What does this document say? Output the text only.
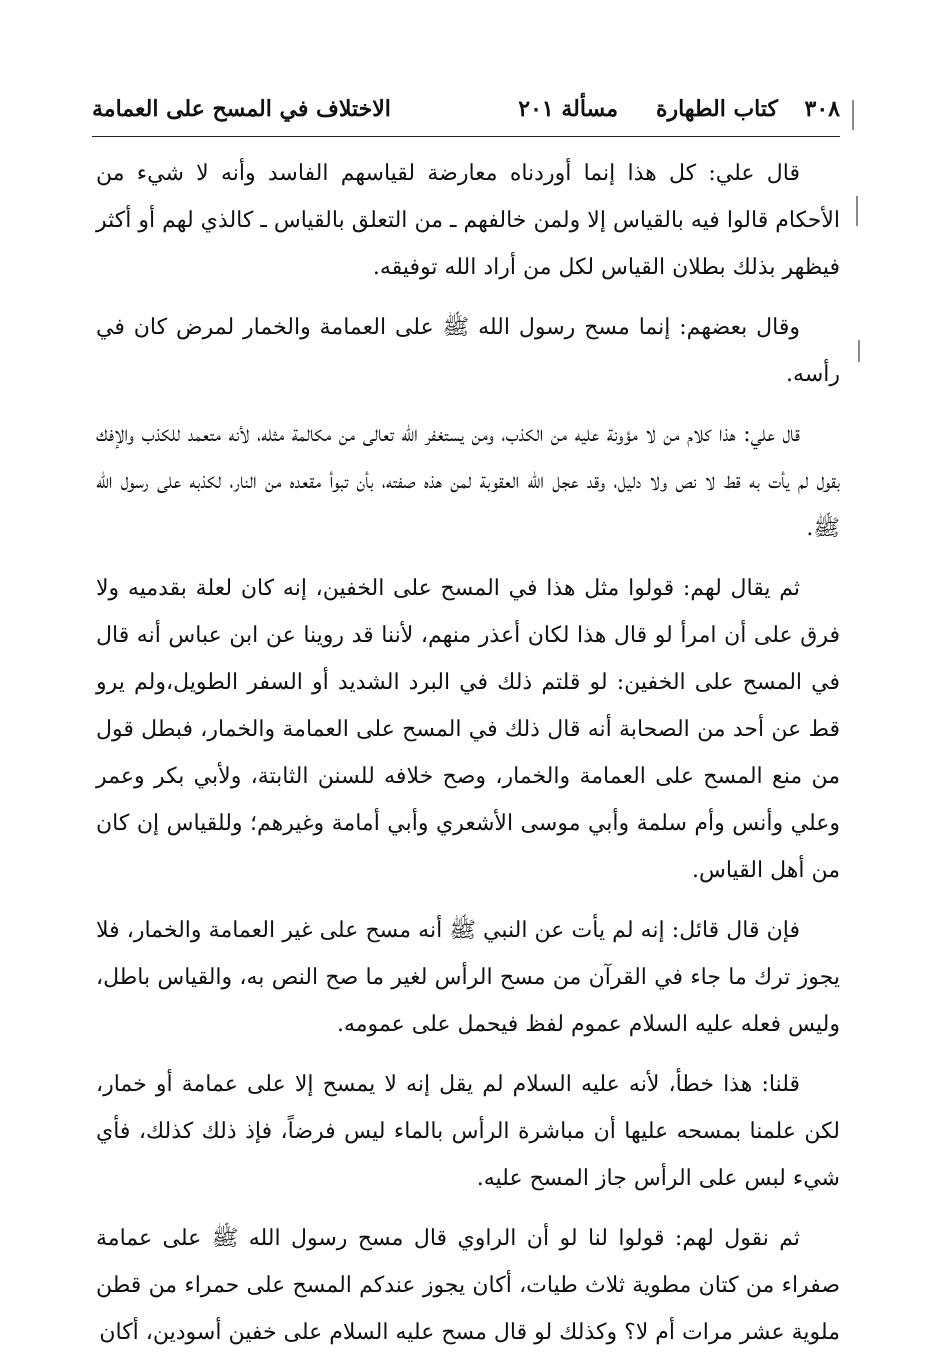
٣٠٨
كتاب الطهارة
مسألة ٢٠١
الاختلاف في المسح على العمامة

قال علي: كل هذا إنما أوردناه معارضة لقياسهم الفاسد وأنه لا شيء من الأحكام قالوا فيه بالقياس إلا ولمن خالفهم ـ من التعلق بالقياس ـ كالذي لهم أو أكثر فيظهر بذلك بطلان القياس لكل من أراد الله توفيقه.

وقال بعضهم: إنما مسح رسول الله ﷺ على العمامة والخمار لمرض كان في رأسه.

قال علي: هذا كلام من لا مؤونة عليه من الكذب، ومن يستغفر الله تعالى من مكالمة مثله، لأنه متعمد للكذب والإفك بقول لم يأت به قط لا نص ولا دليل، وقد عجل الله العقوبة لمن هذه صفته، بأن تبوأ مقعده من النار، لكذبه على رسول الله ﷺ.

ثم يقال لهم: قولوا مثل هذا في المسح على الخفين، إنه كان لعلة بقدميه ولا فرق على أن امرأ لو قال هذا لكان أعذر منهم، لأننا قد روينا عن ابن عباس أنه قال في المسح على الخفين: لو قلتم ذلك في البرد الشديد أو السفر الطويل،ولم يرو قط عن أحد من الصحابة أنه قال ذلك في المسح على العمامة والخمار، فبطل قول من منع المسح على العمامة والخمار، وصح خلافه للسنن الثابتة، ولأبي بكر وعمر وعلي وأنس وأم سلمة وأبي موسى الأشعري وأبي أمامة وغيرهم؛ وللقياس إن كان من أهل القياس.

فإن قال قائل: إنه لم يأت عن النبي ﷺ أنه مسح على غير العمامة والخمار، فلا يجوز ترك ما جاء في القرآن من مسح الرأس لغير ما صح النص به، والقياس باطل، وليس فعله عليه السلام عموم لفظ فيحمل على عمومه.

قلنا: هذا خطأ، لأنه عليه السلام لم يقل إنه لا يمسح إلا على عمامة أو خمار، لكن علمنا بمسحه عليها أن مباشرة الرأس بالماء ليس فرضاً، فإذ ذلك كذلك، فأي شيء لبس على الرأس جاز المسح عليه.

ثم نقول لهم: قولوا لنا لو أن الراوي قال مسح رسول الله ﷺ على عمامة صفراء من كتان مطوية ثلاث طيات، أكان يجوز عندكم المسح على حمراء من قطن ملوية عشر مرات أم لا؟ وكذلك لو قال مسح عليه السلام على خفين أسودين، أكان
